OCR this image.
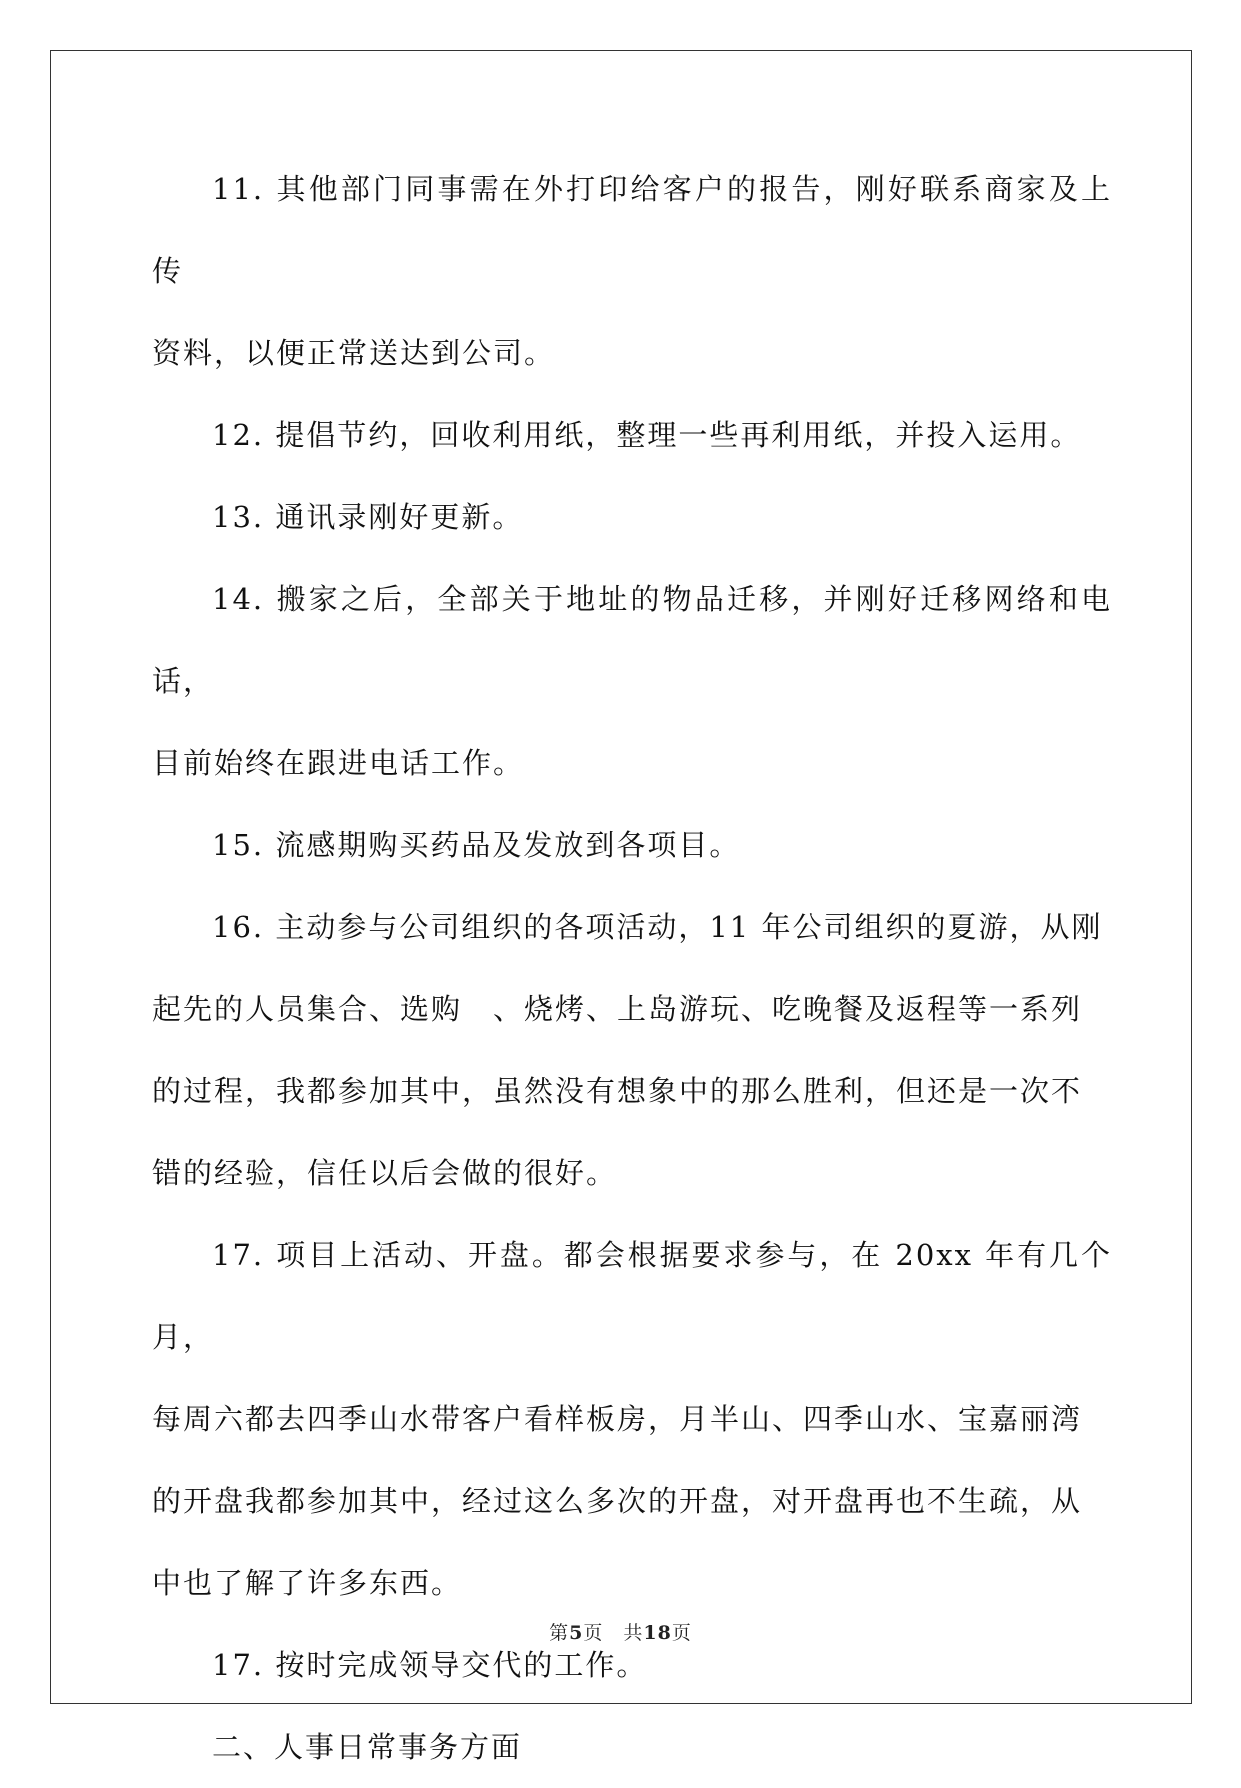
11. 其他部门同事需在外打印给客户的报告，刚好联系商家及上传
资料，以便正常送达到公司。

12. 提倡节约，回收利用纸，整理一些再利用纸，并投入运用。

13. 通讯录刚好更新。

14. 搬家之后，全部关于地址的物品迁移，并刚好迁移网络和电话，
目前始终在跟进电话工作。

15. 流感期购买药品及发放到各项目。

16. 主动参与公司组织的各项活动，11 年公司组织的夏游，从刚
起先的人员集合、选购　、烧烤、上岛游玩、吃晚餐及返程等一系列
的过程，我都参加其中，虽然没有想象中的那么胜利，但还是一次不
错的经验，信任以后会做的很好。

17. 项目上活动、开盘。都会根据要求参与，在 20xx 年有几个月，
每周六都去四季山水带客户看样板房，月半山、四季山水、宝嘉丽湾
的开盘我都参加其中，经过这么多次的开盘，对开盘再也不生疏，从
中也了解了许多东西。

17. 按时完成领导交代的工作。

二、人事日常事务方面

第5页　共18页
